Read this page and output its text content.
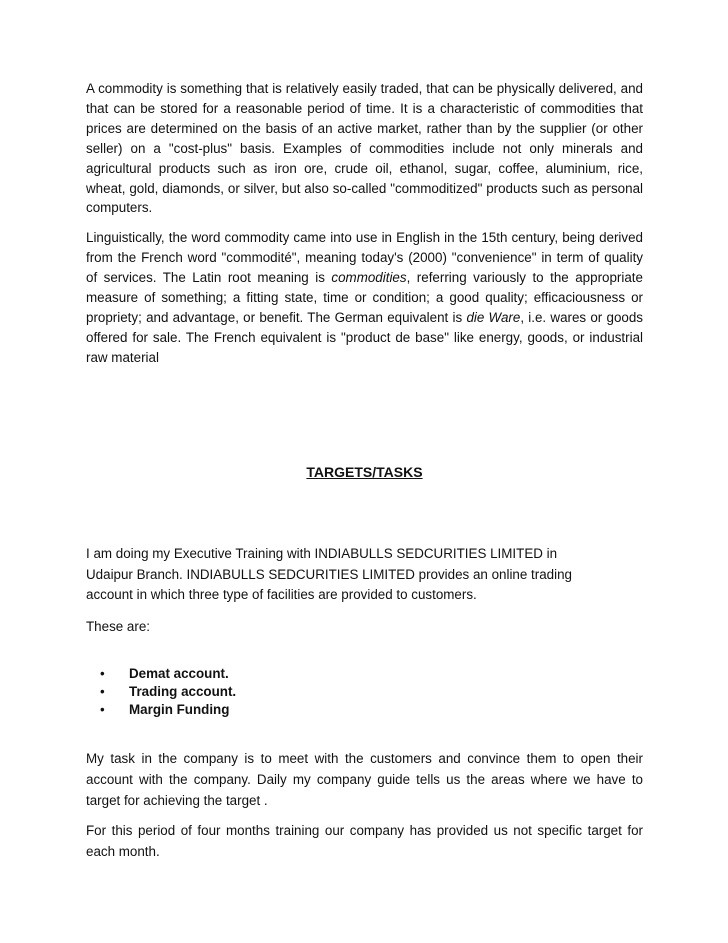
A commodity is something that is relatively easily traded, that can be physically delivered, and that can be stored for a reasonable period of time. It is a characteristic of commodities that prices are determined on the basis of an active market, rather than by the supplier (or other seller) on a "cost-plus" basis. Examples of commodities include not only minerals and agricultural products such as iron ore, crude oil, ethanol, sugar, coffee, aluminium, rice, wheat, gold, diamonds, or silver, but also so-called "commoditized" products such as personal computers.

Linguistically, the word commodity came into use in English in the 15th century, being derived from the French word "commodité", meaning today's (2000) "convenience" in term of quality of services. The Latin root meaning is commodities, referring variously to the appropriate measure of something; a fitting state, time or condition; a good quality; efficaciousness or propriety; and advantage, or benefit. The German equivalent is die Ware, i.e. wares or goods offered for sale. The French equivalent is "product de base" like energy, goods, or industrial raw material

TARGETS/TASKS

I am doing my Executive Training with INDIABULLS SEDCURITIES LIMITED in
Udaipur Branch. INDIABULLS SEDCURITIES LIMITED provides an online trading
account in which three type of facilities are provided to customers.

These are:

• Demat account.
• Trading account.
• Margin Funding

My task in the company is to meet with the customers and convince them to open their account with the company. Daily my company guide tells us the areas where we have to target for achieving the target .

For this period of four months training our company has provided us not specific target for each month.
